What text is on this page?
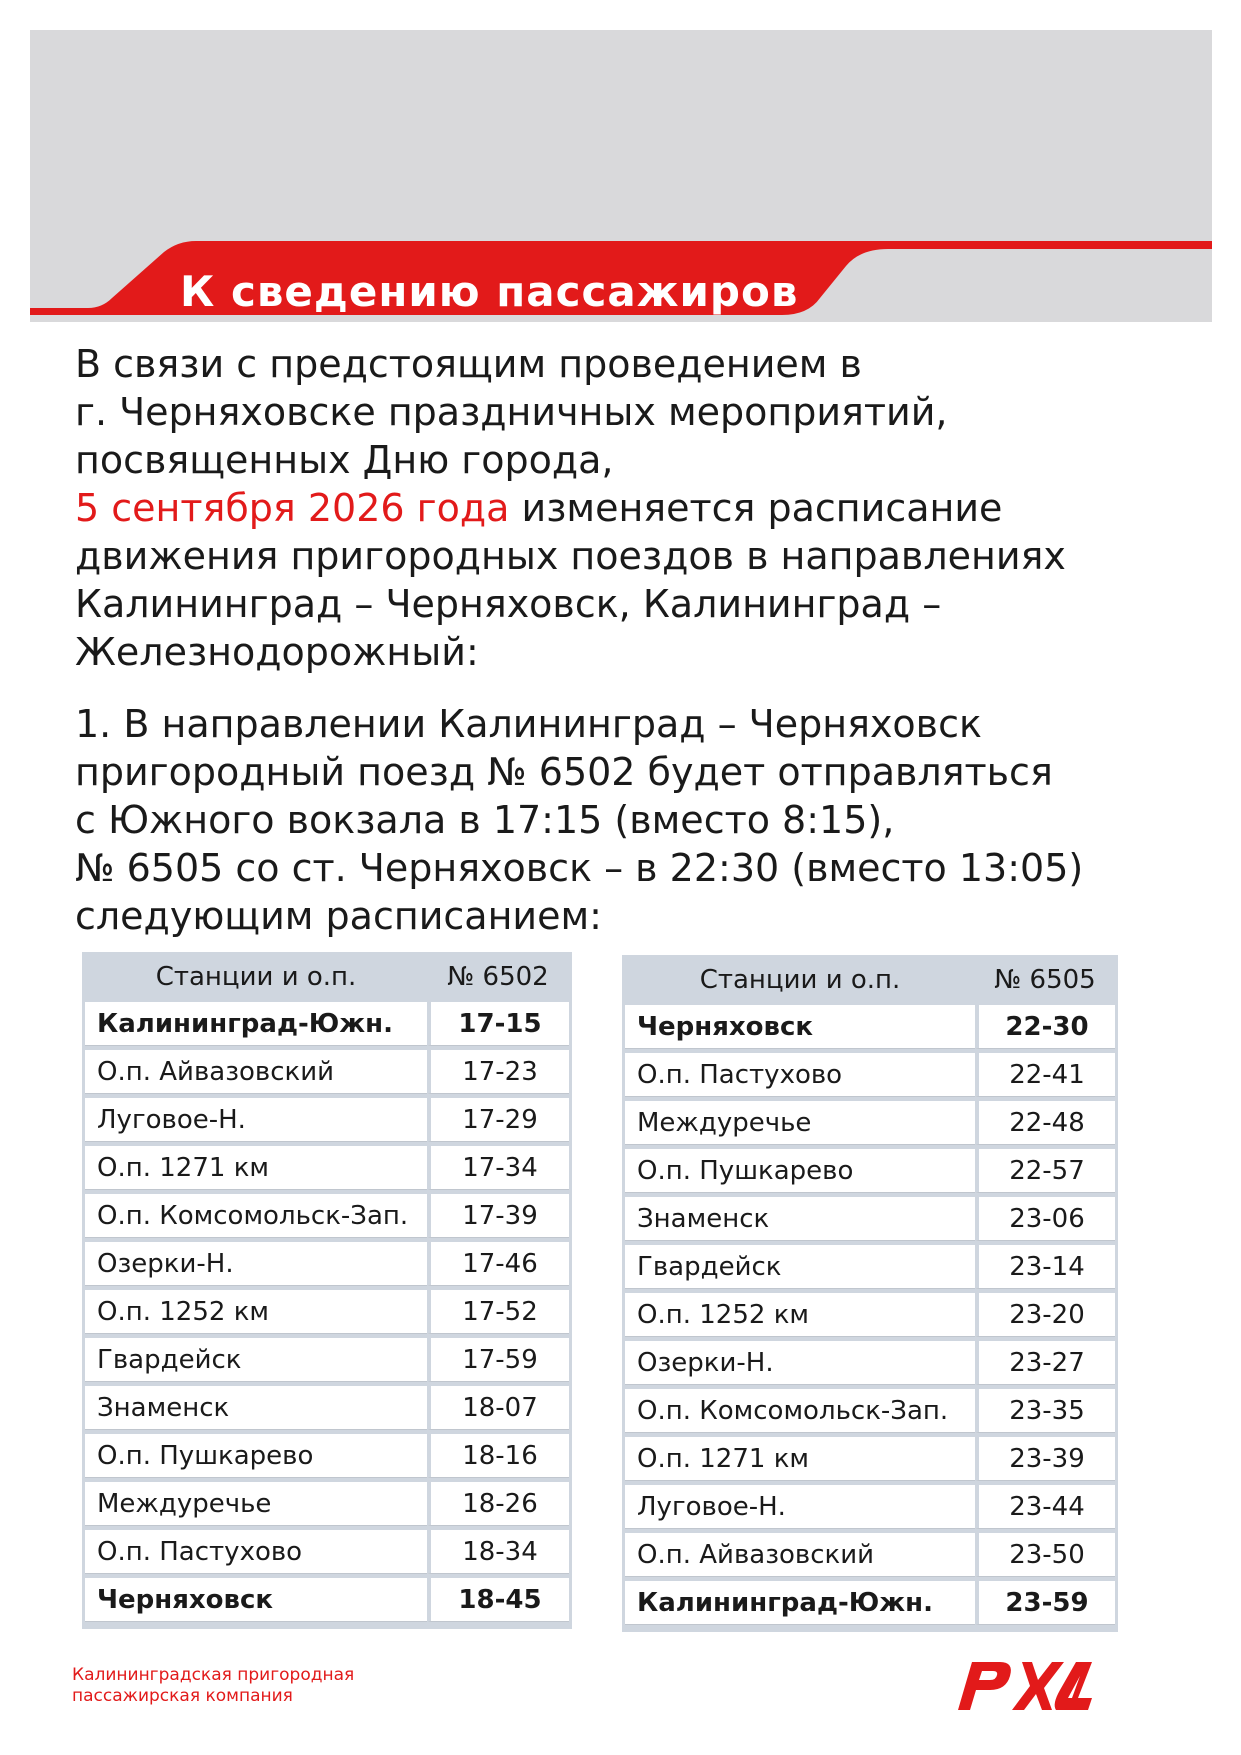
К сведению пассажиров

В связи с предстоящим проведением в
г. Черняховске праздничных мероприятий,
посвященных Дню города,
5 сентября 2026 года изменяется расписание
движения пригородных поездов в направлениях
Калининград – Черняховск, Калининград –
Железнодорожный:

1. В направлении Калининград – Черняховск
пригородный поезд № 6502 будет отправляться
с Южного вокзала в 17:15 (вместо 8:15),
№ 6505 со ст. Черняховск – в 22:30 (вместо 13:05)
следующим расписанием:

Станции и о.п.	№ 6502
Калининград-Южн.	17-15
О.п. Айвазовский	17-23
Луговое-Н.	17-29
О.п. 1271 км	17-34
О.п. Комсомольск-Зап.	17-39
Озерки-Н.	17-46
О.п. 1252 км	17-52
Гвардейск	17-59
Знаменск	18-07
О.п. Пушкарево	18-16
Междуречье	18-26
О.п. Пастухово	18-34
Черняховск	18-45
Станции и о.п.	№ 6505
Черняховск	22-30
О.п. Пастухово	22-41
Междуречье	22-48
О.п. Пушкарево	22-57
Знаменск	23-06
Гвардейск	23-14
О.п. 1252 км	23-20
Озерки-Н.	23-27
О.п. Комсомольск-Зап.	23-35
О.п. 1271 км	23-39
Луговое-Н.	23-44
О.п. Айвазовский	23-50
Калининград-Южн.	23-59
Калининградская пригородная
пассажирская компания
